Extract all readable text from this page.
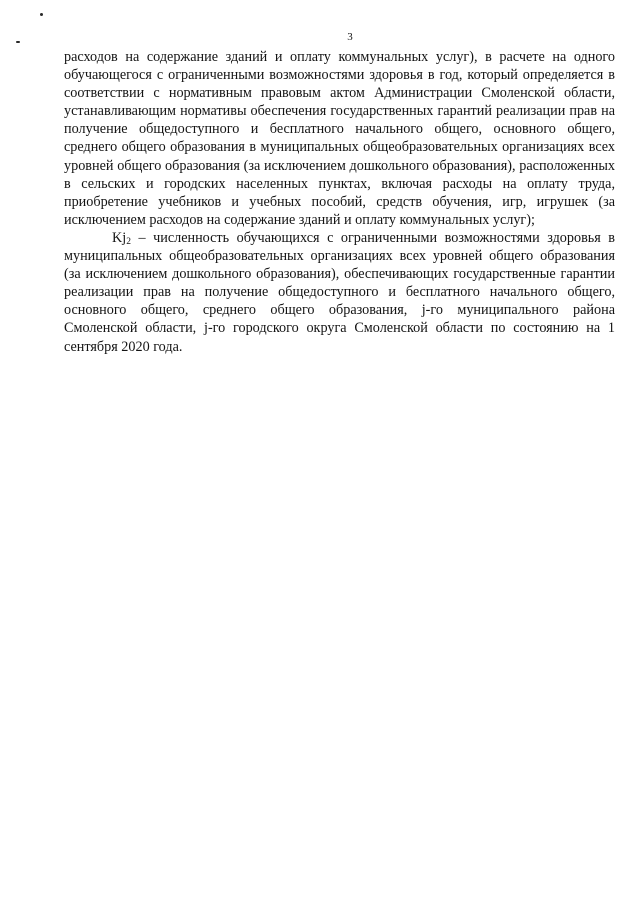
3

расходов на содержание зданий и оплату коммунальных услуг), в расчете на одного обучающегося с ограниченными возможностями здоровья в год, который определяется в соответствии с нормативным правовым актом Администрации Смоленской области, устанавливающим нормативы обеспечения государственных гарантий реализации прав на получение общедоступного и бесплатного начального общего, основного общего, среднего общего образования в муниципальных общеобразовательных организациях всех уровней общего образования (за исключением дошкольного образования), расположенных в сельских и городских населенных пунктах, включая расходы на оплату труда, приобретение учебников и учебных пособий, средств обучения, игр, игрушек (за исключением расходов на содержание зданий и оплату коммунальных услуг);

$Kj_2$ – численность обучающихся с ограниченными возможностями здоровья в муниципальных общеобразовательных организациях всех уровней общего образования (за исключением дошкольного образования), обеспечивающих государственные гарантии реализации прав на получение общедоступного и бесплатного начального общего, основного общего, среднего общего образования, j-го муниципального района Смоленской области, j-го городского округа Смоленской области по состоянию на 1 сентября 2020 года.
